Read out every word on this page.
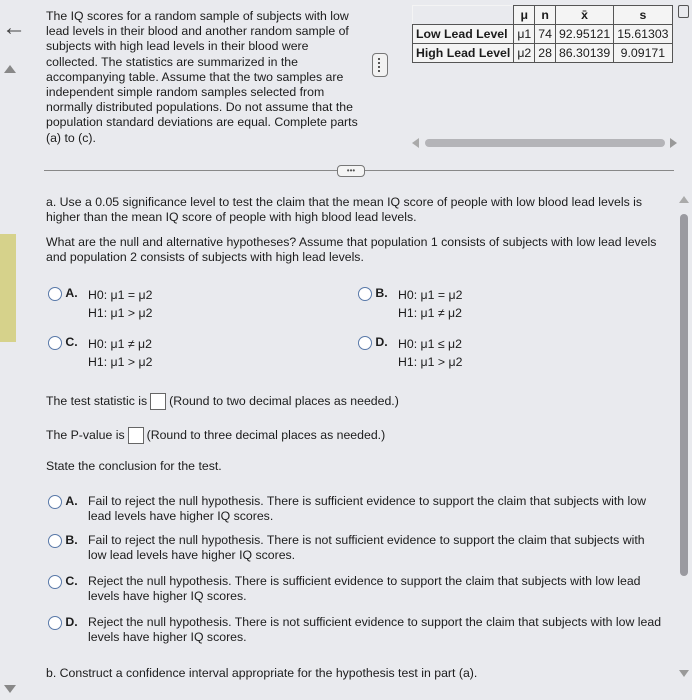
← The IQ scores for a random sample of subjects with low lead levels in their blood and another random sample of subjects with high lead levels in their blood were collected. The statistics are summarized in the accompanying table. Assume that the two samples are independent simple random samples selected from normally distributed populations. Do not assume that the population standard deviations are equal. Complete parts (a) to (c).
	μ	n	x̄	s
Low Lead Level	μ1	74	92.95121	15.61303
High Lead Level	μ2	28	86.30139	9.09171
•••
a. Use a 0.05 significance level to test the claim that the mean IQ score of people with low blood lead levels is higher than the mean IQ score of people with high blood lead levels.
What are the null and alternative hypotheses? Assume that population 1 consists of subjects with low lead levels and population 2 consists of subjects with high lead levels.
A. H0: μ1 = μ2
H1: μ1 > μ2
B. H0: μ1 = μ2
H1: μ1 ≠ μ2
C. H0: μ1 ≠ μ2
H1: μ1 > μ2
D. H0: μ1 ≤ μ2
H1: μ1 > μ2
The test statistic is (Round to two decimal places as needed.)
The P-value is (Round to three decimal places as needed.)
State the conclusion for the test.
A. Fail to reject the null hypothesis. There is sufficient evidence to support the claim that subjects with low lead levels have higher IQ scores.
B. Fail to reject the null hypothesis. There is not sufficient evidence to support the claim that subjects with low lead levels have higher IQ scores.
C. Reject the null hypothesis. There is sufficient evidence to support the claim that subjects with low lead levels have higher IQ scores.
D. Reject the null hypothesis. There is not sufficient evidence to support the claim that subjects with low lead levels have higher IQ scores.
b. Construct a confidence interval appropriate for the hypothesis test in part (a).
